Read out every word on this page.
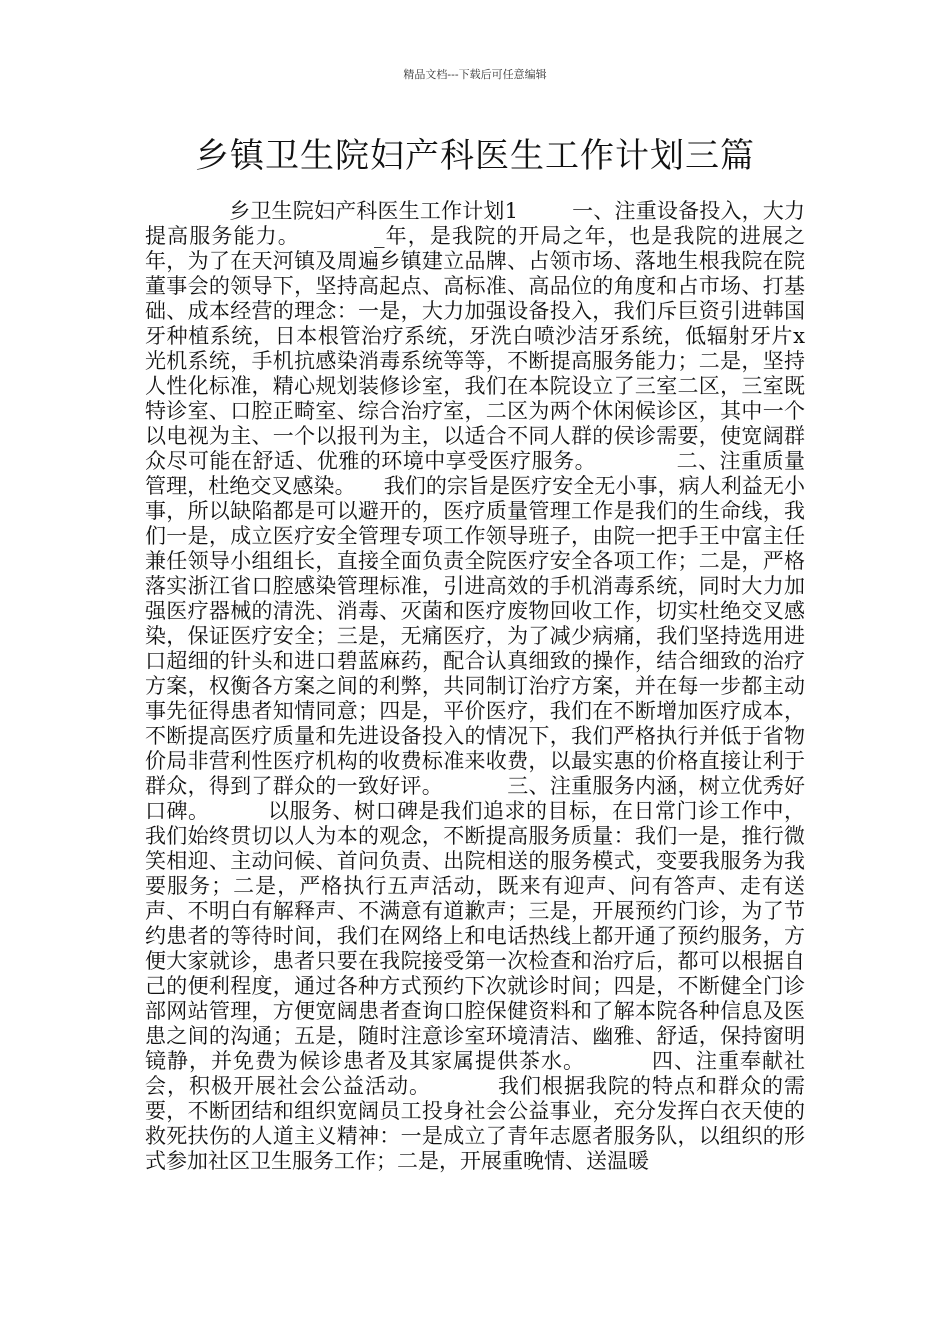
精品文档---下载后可任意编辑
乡镇卫生院妇产科医生工作计划三篇

乡卫生院妇产科医生工作计划1	一、注重设备投入，大力提高服务能力。	_年，是我院的开局之年，也是我院的进展之年，为了在天河镇及周遍乡镇建立品牌、占领市场、落地生根我院在院董事会的领导下，坚持高起点、高标准、高品位的角度和占市场、打基础、成本经营的理念：一是，大力加强设备投入，我们斥巨资引进韩国牙种植系统，日本根管治疗系统，牙洗白喷沙洁牙系统，低辐射牙片x光机系统，手机抗感染消毒系统等等，不断提高服务能力；二是，坚持人性化标准，精心规划装修诊室，我们在本院设立了三室二区，三室既特诊室、口腔正畸室、综合治疗室，二区为两个休闲候诊区，其中一个以电视为主、一个以报刊为主，以适合不同人群的侯诊需要，使宽阔群众尽可能在舒适、优雅的环境中享受医疗服务。	二、注重质量管理，杜绝交叉感染。 我们的宗旨是医疗安全无小事，病人利益无小事，所以缺陷都是可以避开的，医疗质量管理工作是我们的生命线，我们一是，成立医疗安全管理专项工作领导班子，由院一把手王中富主任兼任领导小组组长，直接全面负责全院医疗安全各项工作；二是，严格落实浙江省口腔感染管理标准，引进高效的手机消毒系统，同时大力加强医疗器械的清洗、消毒、灭菌和医疗废物回收工作，切实杜绝交叉感染，保证医疗安全；三是，无痛医疗，为了减少病痛，我们坚持选用进口超细的针头和进口碧蓝麻药，配合认真细致的操作，结合细致的治疗方案，权衡各方案之间的利弊，共同制订治疗方案，并在每一步都主动事先征得患者知情同意；四是，平价医疗，我们在不断增加医疗成本，不断提高医疗质量和先进设备投入的情况下，我们严格执行并低于省物价局非营利性医疗机构的收费标准来收费，以最实惠的价格直接让利于群众，得到了群众的一致好评。	三、注重服务内涵，树立优秀好口碑。	以服务、树口碑是我们追求的目标，在日常门诊工作中，我们始终贯切以人为本的观念，不断提高服务质量：我们一是，推行微笑相迎、主动问候、首问负责、出院相送的服务模式，变要我服务为我要服务；二是，严格执行五声活动，既来有迎声、问有答声、走有送声、不明白有解释声、不满意有道歉声；三是，开展预约门诊，为了节约患者的等待时间，我们在网络上和电话热线上都开通了预约服务，方便大家就诊，患者只要在我院接受第一次检查和治疗后，都可以根据自己的便利程度，通过各种方式预约下次就诊时间；四是，不断健全门诊部网站管理，方便宽阔患者查询口腔保健资料和了解本院各种信息及医患之间的沟通；五是，随时注意诊室环境清洁、幽雅、舒适，保持窗明镜静，并免费为候诊患者及其家属提供茶水。	四、注重奉献社会，积极开展社会公益活动。	我们根据我院的特点和群众的需要，不断团结和组织宽阔员工投身社会公益事业，充分发挥白衣天使的救死扶伤的人道主义精神：一是成立了青年志愿者服务队，以组织的形式参加社区卫生服务工作；二是，开展重晚情、送温暖
